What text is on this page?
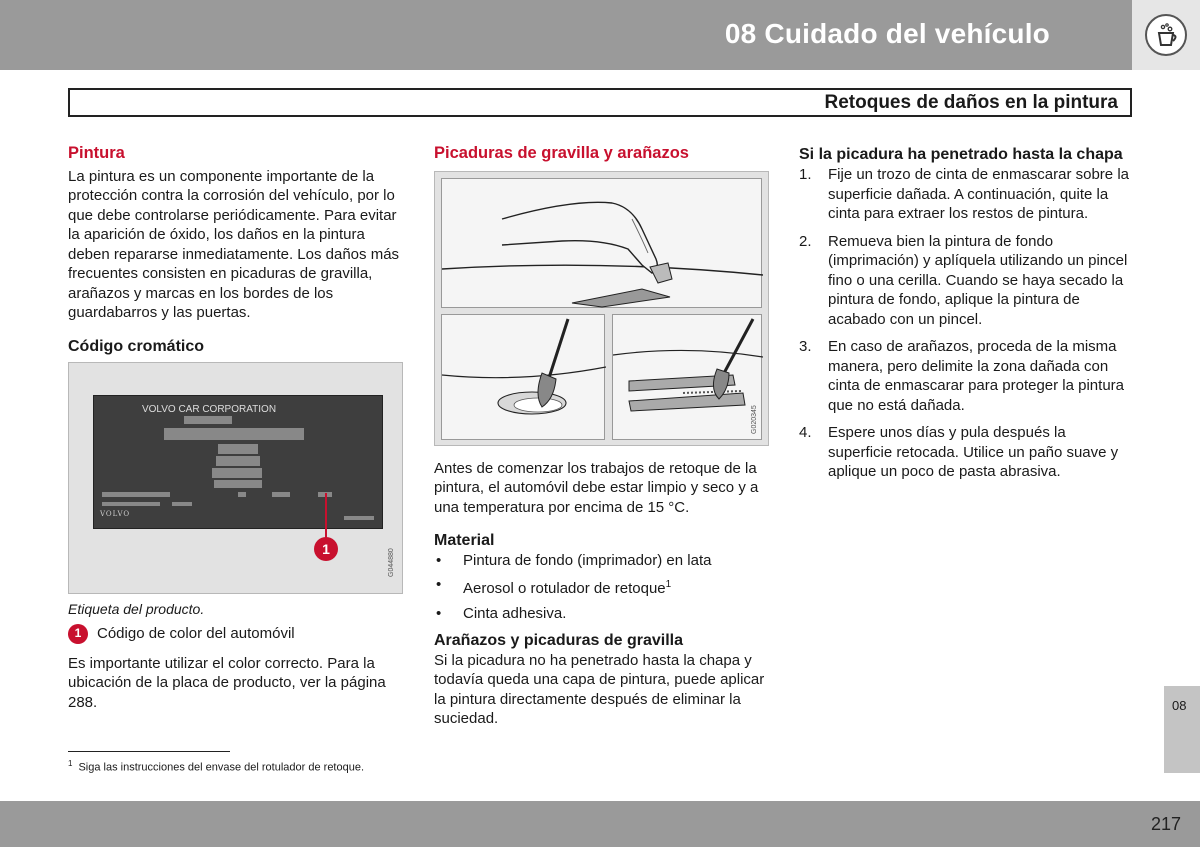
08 Cuidado del vehículo
Retoques de daños en la pintura
Pintura

La pintura es un componente importante de la protección contra la corrosión del vehículo, por lo que debe controlarse periódicamente. Para evitar la aparición de óxido, los daños en la pintura deben repararse inmediatamente. Los daños más frecuentes consisten en picaduras de gravilla, arañazos y marcas en los bordes de los guardabarros y las puertas.

Código cromático
VOLVO CAR CORPORATION
VOLVO
1	G044880
Etiqueta del producto.
1	Código de color del automóvil

Es importante utilizar el color correcto. Para la ubicación de la placa de producto, ver la página 288.

Picaduras de gravilla y arañazos
G020345

Antes de comenzar los trabajos de retoque de la pintura, el automóvil debe estar limpio y seco y a una temperatura por encima de 15 °C.

Material
• Pintura de fondo (imprimador) en lata
• Aerosol o rotulador de retoque$^1$
• Cinta adhesiva.
Arañazos y picaduras de gravilla

Si la picadura no ha penetrado hasta la chapa y todavía queda una capa de pintura, puede aplicar la pintura directamente después de eliminar la suciedad.

Si la picadura ha penetrado hasta la chapa
1. Fije un trozo de cinta de enmascarar sobre la superficie dañada. A continuación, quite la cinta para extraer los restos de pintura.
2. Remueva bien la pintura de fondo (imprimación) y aplíquela utilizando un pincel fino o una cerilla. Cuando se haya secado la pintura de fondo, aplique la pintura de acabado con un pincel.
3. En caso de arañazos, proceda de la misma manera, pero delimite la zona dañada con cinta de enmascarar para proteger la pintura que no está dañada.
4. Espere unos días y pula después la superficie retocada. Utilice un paño suave y aplique un poco de pasta abrasiva.
$^1$ Siga las instrucciones del envase del rotulador de retoque.
08
217
